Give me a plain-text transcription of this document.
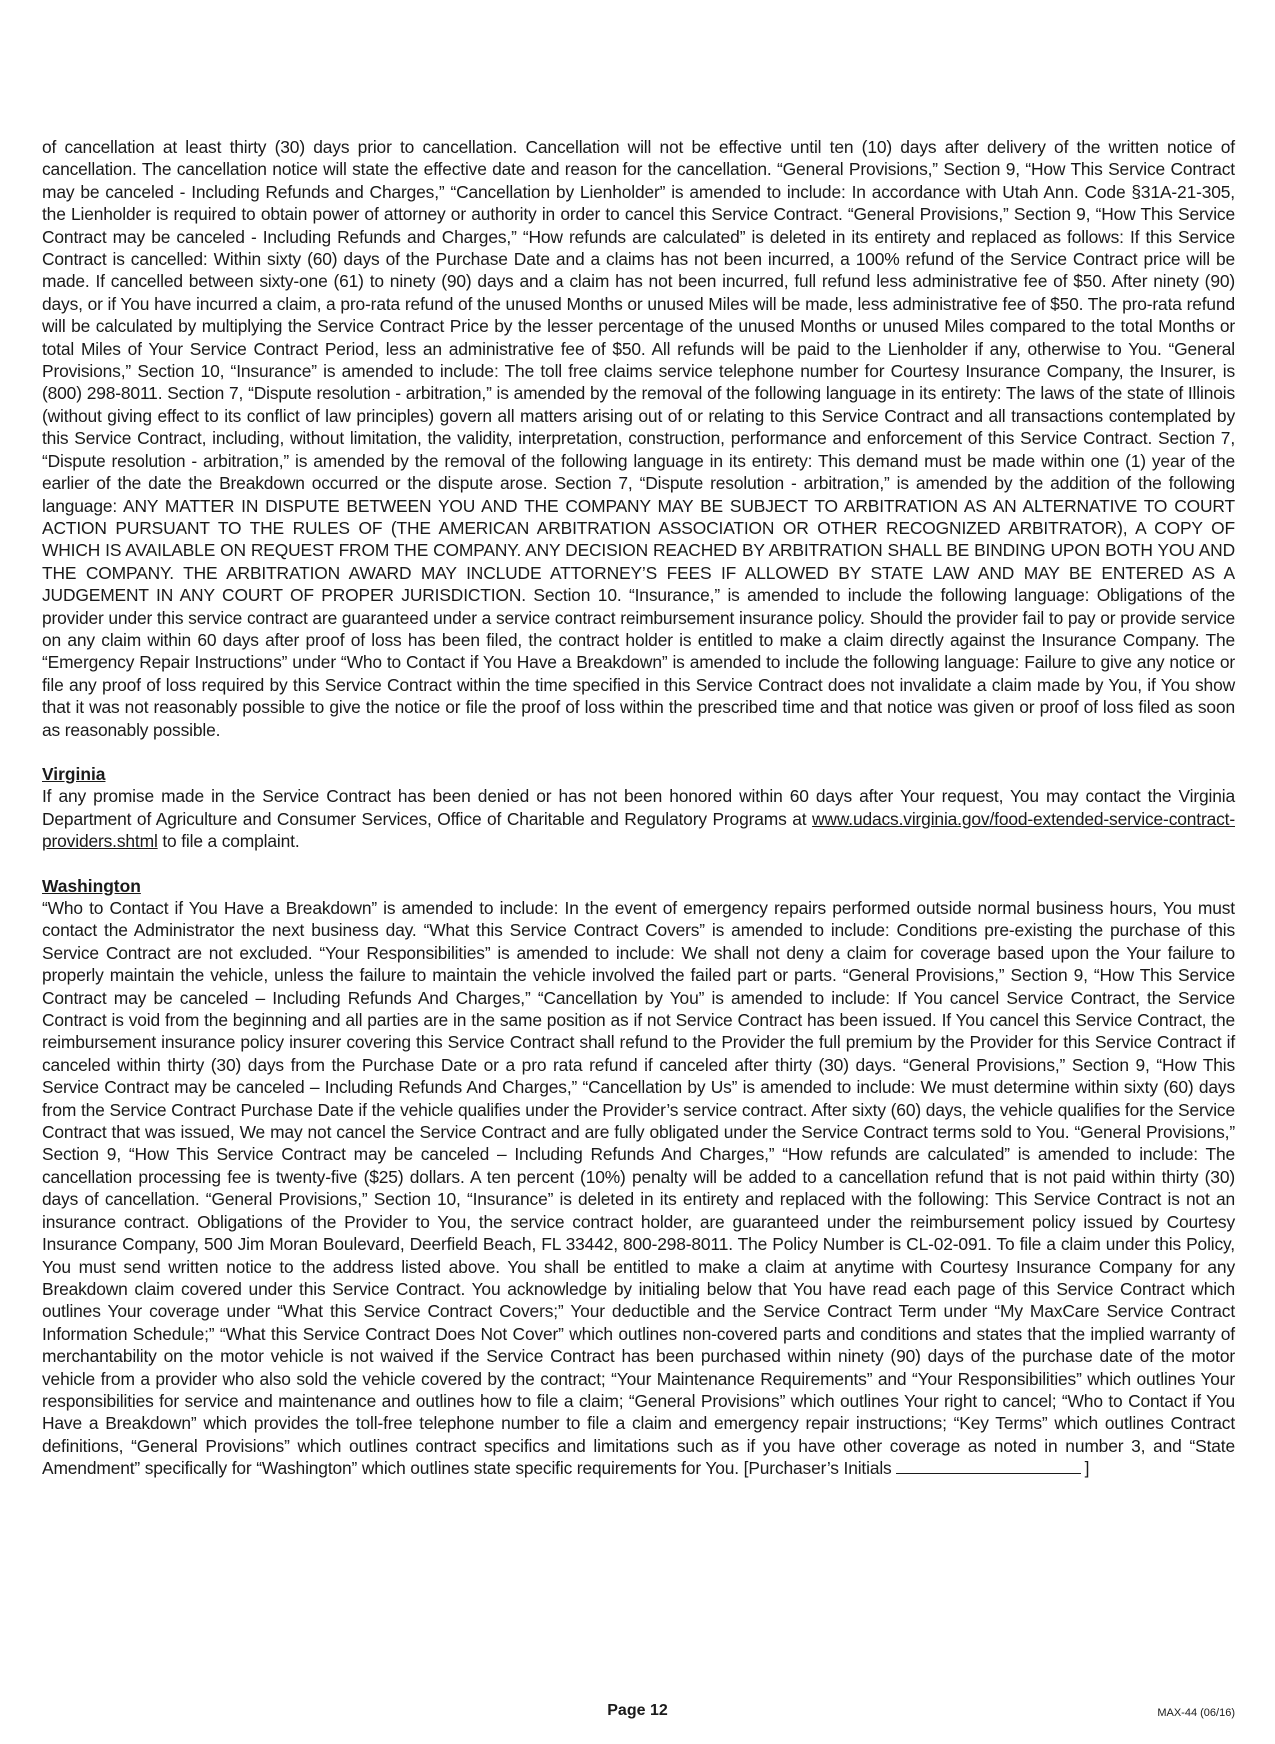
of cancellation at least thirty (30) days prior to cancellation. Cancellation will not be effective until ten (10) days after delivery of the written notice of cancellation. The cancellation notice will state the effective date and reason for the cancellation. “General Provisions,” Section 9, “How This Service Contract may be canceled - Including Refunds and Charges,” “Cancellation by Lienholder” is amended to include: In accordance with Utah Ann. Code §31A-21-305, the Lienholder is required to obtain power of attorney or authority in order to cancel this Service Contract. “General Provisions,” Section 9, “How This Service Contract may be canceled - Including Refunds and Charges,” “How refunds are calculated” is deleted in its entirety and replaced as follows: If this Service Contract is cancelled: Within sixty (60) days of the Purchase Date and a claims has not been incurred, a 100% refund of the Service Contract price will be made. If cancelled between sixty-one (61) to ninety (90) days and a claim has not been incurred, full refund less administrative fee of $50. After ninety (90) days, or if You have incurred a claim, a pro-rata refund of the unused Months or unused Miles will be made, less administrative fee of $50. The pro-rata refund will be calculated by multiplying the Service Contract Price by the lesser percentage of the unused Months or unused Miles compared to the total Months or total Miles of Your Service Contract Period, less an administrative fee of $50. All refunds will be paid to the Lienholder if any, otherwise to You. “General Provisions,” Section 10, “Insurance” is amended to include: The toll free claims service telephone number for Courtesy Insurance Company, the Insurer, is (800) 298-8011. Section 7, “Dispute resolution - arbitration,” is amended by the removal of the following language in its entirety: The laws of the state of Illinois (without giving effect to its conflict of law principles) govern all matters arising out of or relating to this Service Contract and all transactions contemplated by this Service Contract, including, without limitation, the validity, interpretation, construction, performance and enforcement of this Service Contract. Section 7, “Dispute resolution - arbitration,” is amended by the removal of the following language in its entirety: This demand must be made within one (1) year of the earlier of the date the Breakdown occurred or the dispute arose. Section 7, “Dispute resolution - arbitration,” is amended by the addition of the following language: ANY MATTER IN DISPUTE BETWEEN YOU AND THE COMPANY MAY BE SUBJECT TO ARBITRATION AS AN ALTERNATIVE TO COURT ACTION PURSUANT TO THE RULES OF (THE AMERICAN ARBITRATION ASSOCIATION OR OTHER RECOGNIZED ARBITRATOR), A COPY OF WHICH IS AVAILABLE ON REQUEST FROM THE COMPANY. ANY DECISION REACHED BY ARBITRATION SHALL BE BINDING UPON BOTH YOU AND THE COMPANY. THE ARBITRATION AWARD MAY INCLUDE ATTORNEY’S FEES IF ALLOWED BY STATE LAW AND MAY BE ENTERED AS A JUDGEMENT IN ANY COURT OF PROPER JURISDICTION. Section 10. “Insurance,” is amended to include the following language: Obligations of the provider under this service contract are guaranteed under a service contract reimbursement insurance policy. Should the provider fail to pay or provide service on any claim within 60 days after proof of loss has been filed, the contract holder is entitled to make a claim directly against the Insurance Company. The “Emergency Repair Instructions” under “Who to Contact if You Have a Breakdown” is amended to include the following language: Failure to give any notice or file any proof of loss required by this Service Contract within the time specified in this Service Contract does not invalidate a claim made by You, if You show that it was not reasonably possible to give the notice or file the proof of loss within the prescribed time and that notice was given or proof of loss filed as soon as reasonably possible.

Virginia

If any promise made in the Service Contract has been denied or has not been honored within 60 days after Your request, You may contact the Virginia Department of Agriculture and Consumer Services, Office of Charitable and Regulatory Programs at www.udacs.virginia.gov/food-extended-service-contract-providers.shtml to file a complaint.

Washington

“Who to Contact if You Have a Breakdown” is amended to include: In the event of emergency repairs performed outside normal business hours, You must contact the Administrator the next business day. “What this Service Contract Covers” is amended to include: Conditions pre-existing the purchase of this Service Contract are not excluded. “Your Responsibilities” is amended to include: We shall not deny a claim for coverage based upon the Your failure to properly maintain the vehicle, unless the failure to maintain the vehicle involved the failed part or parts. “General Provisions,” Section 9, “How This Service Contract may be canceled – Including Refunds And Charges,” “Cancellation by You” is amended to include: If You cancel Service Contract, the Service Contract is void from the beginning and all parties are in the same position as if not Service Contract has been issued. If You cancel this Service Contract, the reimbursement insurance policy insurer covering this Service Contract shall refund to the Provider the full premium by the Provider for this Service Contract if canceled within thirty (30) days from the Purchase Date or a pro rata refund if canceled after thirty (30) days. “General Provisions,” Section 9, “How This Service Contract may be canceled – Including Refunds And Charges,” “Cancellation by Us” is amended to include: We must determine within sixty (60) days from the Service Contract Purchase Date if the vehicle qualifies under the Provider’s service contract. After sixty (60) days, the vehicle qualifies for the Service Contract that was issued, We may not cancel the Service Contract and are fully obligated under the Service Contract terms sold to You. “General Provisions,” Section 9, “How This Service Contract may be canceled – Including Refunds And Charges,” “How refunds are calculated” is amended to include: The cancellation processing fee is twenty-five ($25) dollars. A ten percent (10%) penalty will be added to a cancellation refund that is not paid within thirty (30) days of cancellation. “General Provisions,” Section 10, “Insurance” is deleted in its entirety and replaced with the following: This Service Contract is not an insurance contract. Obligations of the Provider to You, the service contract holder, are guaranteed under the reimbursement policy issued by Courtesy Insurance Company, 500 Jim Moran Boulevard, Deerfield Beach, FL 33442, 800-298-8011. The Policy Number is CL-02-091. To file a claim under this Policy, You must send written notice to the address listed above. You shall be entitled to make a claim at anytime with Courtesy Insurance Company for any Breakdown claim covered under this Service Contract. You acknowledge by initialing below that You have read each page of this Service Contract which outlines Your coverage under “What this Service Contract Covers;” Your deductible and the Service Contract Term under “My MaxCare Service Contract Information Schedule;” “What this Service Contract Does Not Cover” which outlines non-covered parts and conditions and states that the implied warranty of merchantability on the motor vehicle is not waived if the Service Contract has been purchased within ninety (90) days of the purchase date of the motor vehicle from a provider who also sold the vehicle covered by the contract; “Your Maintenance Requirements” and “Your Responsibilities” which outlines Your responsibilities for service and maintenance and outlines how to file a claim; “General Provisions” which outlines Your right to cancel; “Who to Contact if You Have a Breakdown” which provides the toll-free telephone number to file a claim and emergency repair instructions; “Key Terms” which outlines Contract definitions, “General Provisions” which outlines contract specifics and limitations such as if you have other coverage as noted in number 3, and “State Amendment” specifically for “Washington” which outlines state specific requirements for You. [Purchaser’s Initials	]

Page 12	MAX-44 (06/16)
